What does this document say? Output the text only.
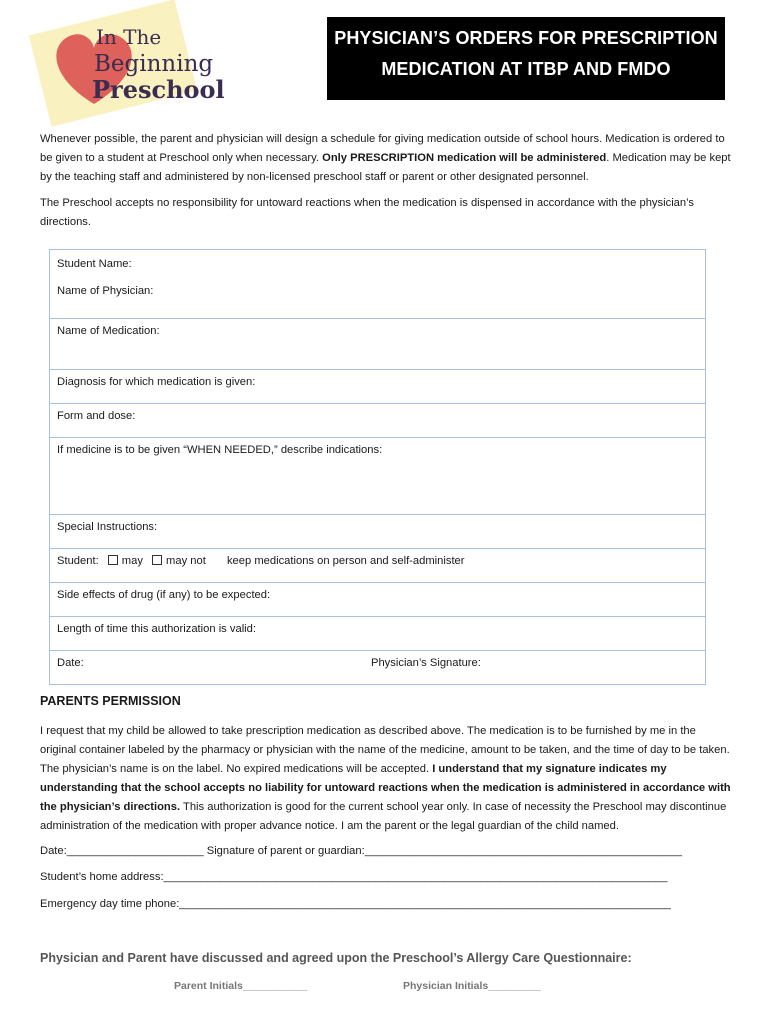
In The
Beginning
Preschool
PHYSICIAN’S ORDERS FOR PRESCRIPTION
MEDICATION AT ITBP AND FMDO
Whenever possible, the parent and physician will design a schedule for giving medication outside of school hours. Medication is ordered to be given to a student at Preschool only when necessary. Only PRESCRIPTION medication will be administered. Medication may be kept by the teaching staff and administered by non-licensed preschool staff or parent or other designated personnel.
The Preschool accepts no responsibility for untoward reactions when the medication is dispensed in accordance with the physician’s directions.
Student Name:
Name of Physician:
Name of Medication:
Diagnosis for which medication is given:
Form and dose:
If medicine is to be given “WHEN NEEDED,” describe indications:
Special Instructions:
Student: may may not keep medications on person and self-administer
Side effects of drug (if any) to be expected:
Length of time this authorization is valid:
Date:	Physician’s Signature:
PARENTS PERMISSION
I request that my child be allowed to take prescription medication as described above. The medication is to be furnished by me in the original container labeled by the pharmacy or physician with the name of the medicine, amount to be taken, and the time of day to be taken. The physician’s name is on the label. No expired medications will be accepted. I understand that my signature indicates my understanding that the school accepts no liability for untoward reactions when the medication is administered in accordance with the physician’s directions. This authorization is good for the current school year only. In case of necessity the Preschool may discontinue administration of the medication with proper advance notice. I am the parent or the legal guardian of the child named.
Date:______________________ Signature of parent or guardian:___________________________________________________
Student’s home address:_________________________________________________________________________________
Emergency day time phone:_______________________________________________________________________________
Physician and Parent have discussed and agreed upon the Preschool’s Allergy Care Questionnaire:
Parent Initials___________	Physician Initials_________
